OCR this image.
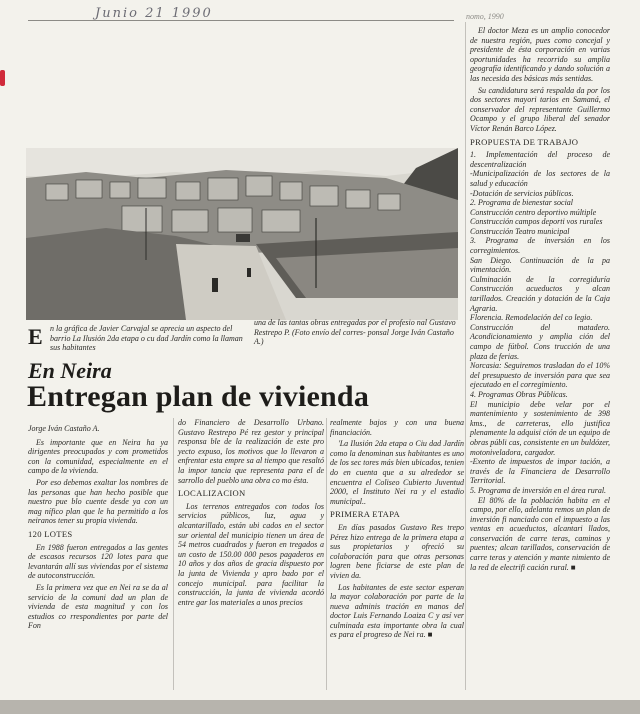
Junio 21 1990	nomo, 1990
E n la gráfica de Javier Carvajal se aprecia un aspecto del barrio La Ilusión 2da etapa o cu dad Jardín como la llaman sus habitantes
una de las tantas obras entregadas por el profesio nal Gustavo Restrepo P. (Foto envío del corres- ponsal Jorge Iván Castaño A.)
En Neira
Entregan plan de vivienda

Jorge Iván Castaño A.

Es importante que en Neira ha ya dirigentes preocupados y com prometidos con la comunidad, especialmente en el campo de la vivienda.

Por eso debemos exaltar los nombres de las personas que han hecho posible que nuestro pue blo cuente desde ya con un mag nífico plan que le ha permitido a los neiranos tener su propia vivienda.

120 LOTES

En 1988 fueron entregados a las gentes de escasos recursos 120 lotes para que levantarán allí sus viviendas por el sistema de autoconstrucción.

Es la primera vez que en Nei ra se da al servicio de la comuni dad un plan de vivienda de esta magnitud y con los estudios co rrespondientes por parte del Fon

do Financiero de Desarrollo Urbano. Gustavo Restrepo Pé rez gestor y principal responsa ble de la realización de este pro yecto expuso, los motivos que lo llevaron a enfrentar esta empre sa al tiempo que resaltó la impor tancia que representa para el de sarrollo del pueblo una obra co mo ésta.

LOCALIZACION

Los terrenos entregados con todos los servicios públicos, luz, agua y alcantarillado, están ubi cados en el sector sur oriental del municipio tienen un área de 54 metros cuadrados y fueron en tregados a un costo de 150.00 000 pesos pagaderos en 10 años y dos años de gracia dispuesto por la junta de Vivienda y apro bado por el concejo municipal. para facilitar la construcción, la junta de vivienda acordó entre gar los materiales a unos precios

realmente bajos y con una buena financiación.

'La Ilusión 2da etapa o Ciu dad Jardín como la denominan sus habitantes es uno de los sec tores más bien ubicados, tenien do en cuenta que a su alrededor se encuentra el Coliseo Cubierto Juventud 2000, el Instituto Nei ra y el estadio municipal..

PRIMERA ETAPA

En días pasados Gustavo Res trepo Pérez hizo entrega de la primera etapa a sus propietarios y ofreció su colaboración para que otras personas logren bene ficiarse de este plan de vivien da.

Los habitantes de este sector esperan la mayor colaboración por parte de la nueva adminis tración en manos del doctor Luis Fernando Loaiza C y así ver culminada esta importante obra la cual es para el progreso de Nei ra. ■

El doctor Meza es un amplio conocedor de nuestra región, pues como concejal y presidente de ésta corporación en varias oportunidades ha recorrido su amplia geografía identificando y dando solución a las necesida des básicas más sentidas.

Su candidatura será respalda da por los dos sectores mayori tarios en Samaná, el conservador del representante Guillermo Ocampo y el grupo liberal del senador Víctor Renán Barco López.

PROPUESTA DE TRABAJO

1. Implementación del proceso de descentralización

-Municipalización de los sectores de la salud y educación

-Dotación de servicios públicos.

2. Programa de bienestar social

Construcción centro deportivo múltiple

Construcción campos deporti vos rurales

Construcción Teatro municipal

3. Programa de inversión en los corregimientos.

San Diego. Continuación de la pa vimentación.

Culminación de la corregiduría Construcción acueductos y alcan tarillados. Creación y dotación de la Caja Agraria.

Florencia. Remodelación del co legio.

Construcción del matadero. Acondicionamiento y amplia ción del campo de fútbol. Cons trucción de una plaza de ferias.

Norcasia: Seguiremos trasladan do el 10% del presupuesto de inversión para que sea ejecutado en el corregimiento.

4. Programas Obras Públicas.

El municipio debe velar por el mantenimiento y sostenimiento de 398 kms., de carreteras, ello justifica plenamente la adquisi ción de un equipo de obras públi cas, consistente en un buldózer, motoniveladora, cargador.

-Exento de impuestos de impor tación, a través de la Financiera de Desarrollo Territorial.

5. Programa de inversión en el área rural.

El 80% de la población habita en el campo, por ello, adelanta remos un plan de inversión fi nanciado con el impuesto a las ventas en acueductos, alcantari llados, conservación de carre teras, caminos y puentes; alcan tarillados, conservación de carre teras y atención y mante nimiento de la red de electrifi cación rural. ■
